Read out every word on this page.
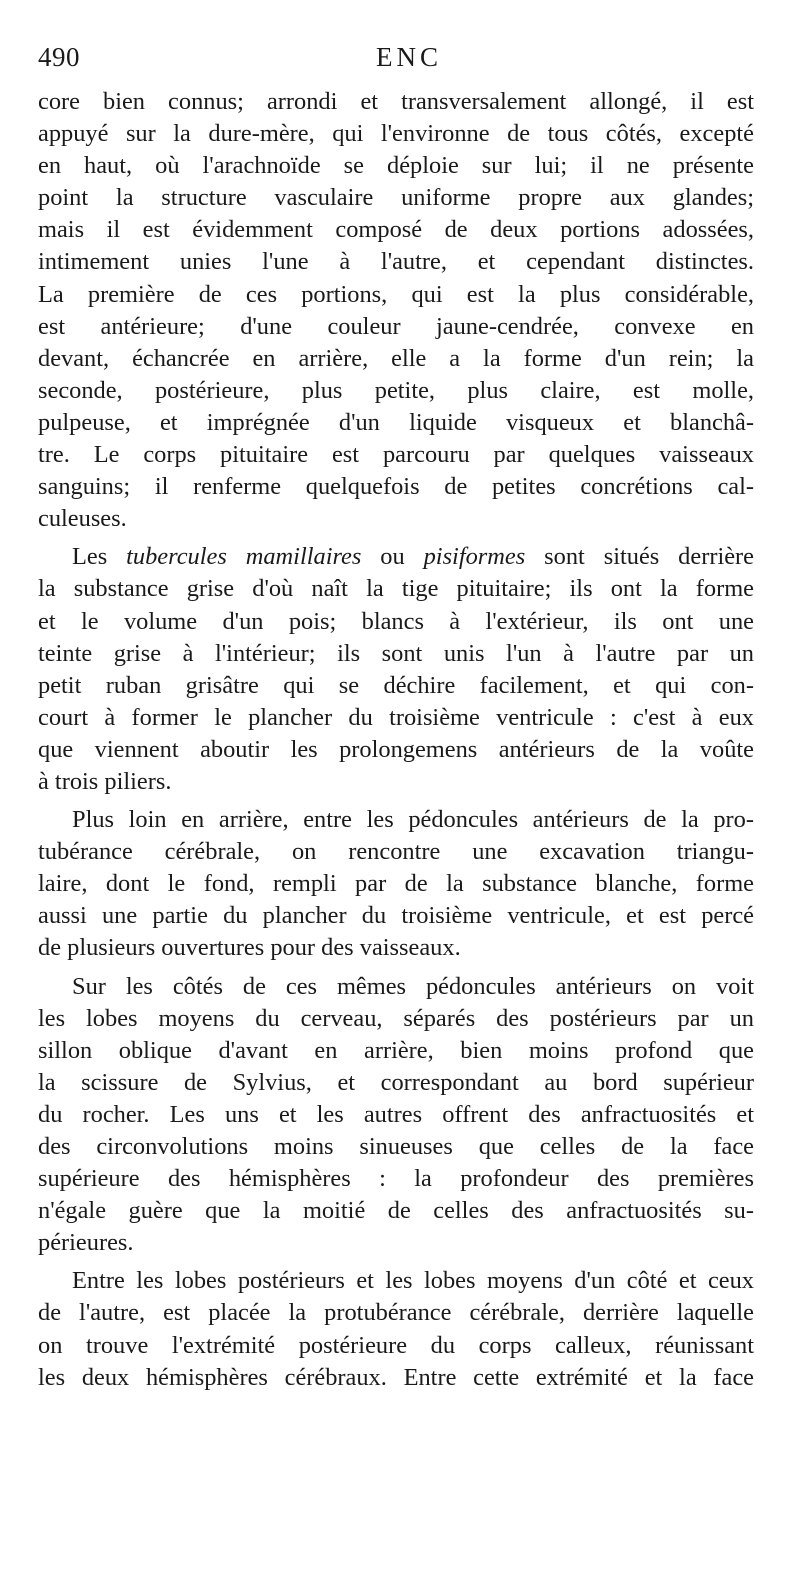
490	ENC

core bien connus; arrondi et transversalement allongé, il est
appuyé sur la dure-mère, qui l'environne de tous côtés, excepté
en haut, où l'arachnoïde se déploie sur lui; il ne présente
point la structure vasculaire uniforme propre aux glandes;
mais il est évidemment composé de deux portions adossées,
intimement unies l'une à l'autre, et cependant distinctes.
La première de ces portions, qui est la plus considérable,
est antérieure; d'une couleur jaune-cendrée, convexe en
devant, échancrée en arrière, elle a la forme d'un rein; la
seconde, postérieure, plus petite, plus claire, est molle,
pulpeuse, et imprégnée d'un liquide visqueux et blanchâ-
tre. Le corps pituitaire est parcouru par quelques vaisseaux
sanguins; il renferme quelquefois de petites concrétions cal-
culeuses.

Les tubercules mamillaires ou pisiformes sont situés derrière
la substance grise d'où naît la tige pituitaire; ils ont la forme
et le volume d'un pois; blancs à l'extérieur, ils ont une
teinte grise à l'intérieur; ils sont unis l'un à l'autre par un
petit ruban grisâtre qui se déchire facilement, et qui con-
court à former le plancher du troisième ventricule : c'est à eux
que viennent aboutir les prolongemens antérieurs de la voûte
à trois piliers.

Plus loin en arrière, entre les pédoncules antérieurs de la pro-
tubérance cérébrale, on rencontre une excavation triangu-
laire, dont le fond, rempli par de la substance blanche, forme
aussi une partie du plancher du troisième ventricule, et est percé
de plusieurs ouvertures pour des vaisseaux.

Sur les côtés de ces mêmes pédoncules antérieurs on voit
les lobes moyens du cerveau, séparés des postérieurs par un
sillon oblique d'avant en arrière, bien moins profond que
la scissure de Sylvius, et correspondant au bord supérieur
du rocher. Les uns et les autres offrent des anfractuosités et
des circonvolutions moins sinueuses que celles de la face
supérieure des hémisphères : la profondeur des premières
n'égale guère que la moitié de celles des anfractuosités su-
périeures.

Entre les lobes postérieurs et les lobes moyens d'un côté et ceux
de l'autre, est placée la protubérance cérébrale, derrière laquelle
on trouve l'extrémité postérieure du corps calleux, réunissant
les deux hémisphères cérébraux. Entre cette extrémité et la face
